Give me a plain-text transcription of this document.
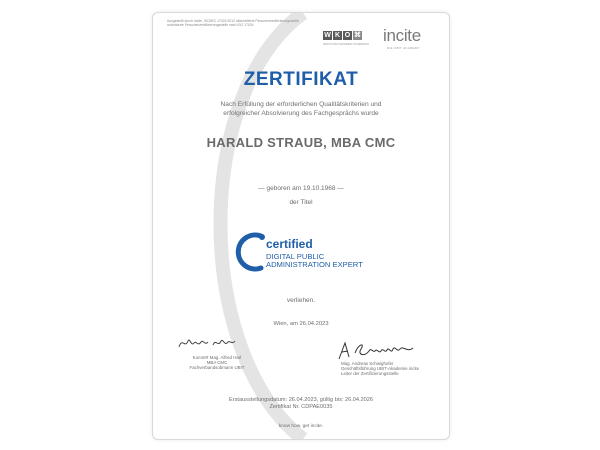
Ausgestellt durch incite, ISO/IEC 17024:2012 akkreditierte Personenzertifizierungsstelle
autorisierte Personenzertifizierungsstelle nach ISO 17024
W K O ⌘
WIRTSCHAFTSKAMMER ÖSTERREICH incite
DIE UBIT ACADEMY
ZERTIFIKAT
Nach Erfüllung der erforderlichen Qualitätskriterien und
erfolgreicher Absolvierung des Fachgesprächs wurde
HARALD STRAUB, MBA CMC
— geboren am 19.10.1968 —
der Titel
certified
DIGITAL PUBLIC
ADMINISTRATION EXPERT
verliehen.
Wien, am 26.04.2023
KommR Mag. Alfred Harl
MBA CMC
Fachverbandsobmann UBIT
Mag. Andreas Schwighofer
Geschäftsführung UBIT-Akademie incite
Leiter der Zertifizierungsstelle
Erstausstellungsdatum: 26.04.2023, gültig bis: 26.04.2026
Zertifikat Nr. CDPAE0035
know how. get incite.
